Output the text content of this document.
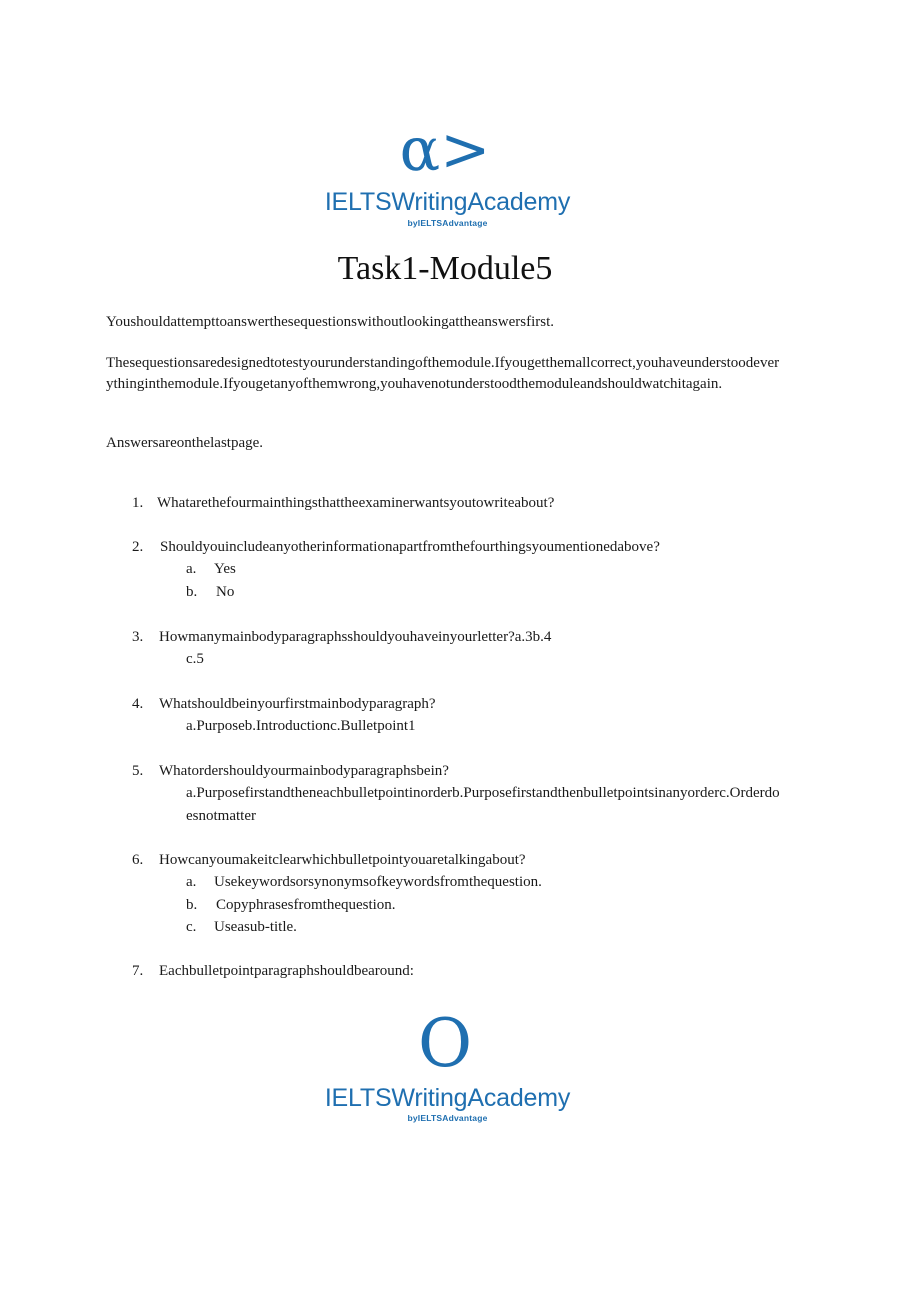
α>
IELTSWritingAcademy
byIELTSAdvantage
Task1-Module5
Youshouldattempttoanswerthesequestionswithoutlookingattheanswersfirst.
Thesequestionsaredesignedtotestyourunderstandingofthemodule.Ifyougetthemallcorrect,youhaveunderstoodeverythinginthemodule.Ifyougetanyofthemwrong,youhavenotunderstoodthemoduleandshouldwatchitagain.
Answersareonthelastpage.
1. Whatarethefourmainthingsthattheexaminerwantsyoutowriteabout?
2. Shouldyouincludeanyotherinformationapartfromthefourthingsyoumentionedabove?
a. Yes
b. No
3. Howmanymainbodyparagraphsshouldyouhaveinyourletter?a.3b.4
c.5
4. Whatshouldbeinyourfirstmainbodyparagraph?
a.Purposeb.Introductionc.Bulletpoint1
5. Whatordershouldyourmainbodyparagraphsbein?
a.Purposefirstandtheneachbulletpointinorderb.Purposefirstandthenbulletpointsinanyorderc.Orderdoesnotmatter
6. Howcanyoumakeitclearwhichbulletpointyouaretalkingabout?
a. Usekeywordsorsynonymsofkeywordsfromthequestion.
b. Copyphrasesfromthequestion.
c. Useasub-title.
7. Eachbulletpointparagraphshouldbearound:
O
IELTSWritingAcademy
byIELTSAdvantage
